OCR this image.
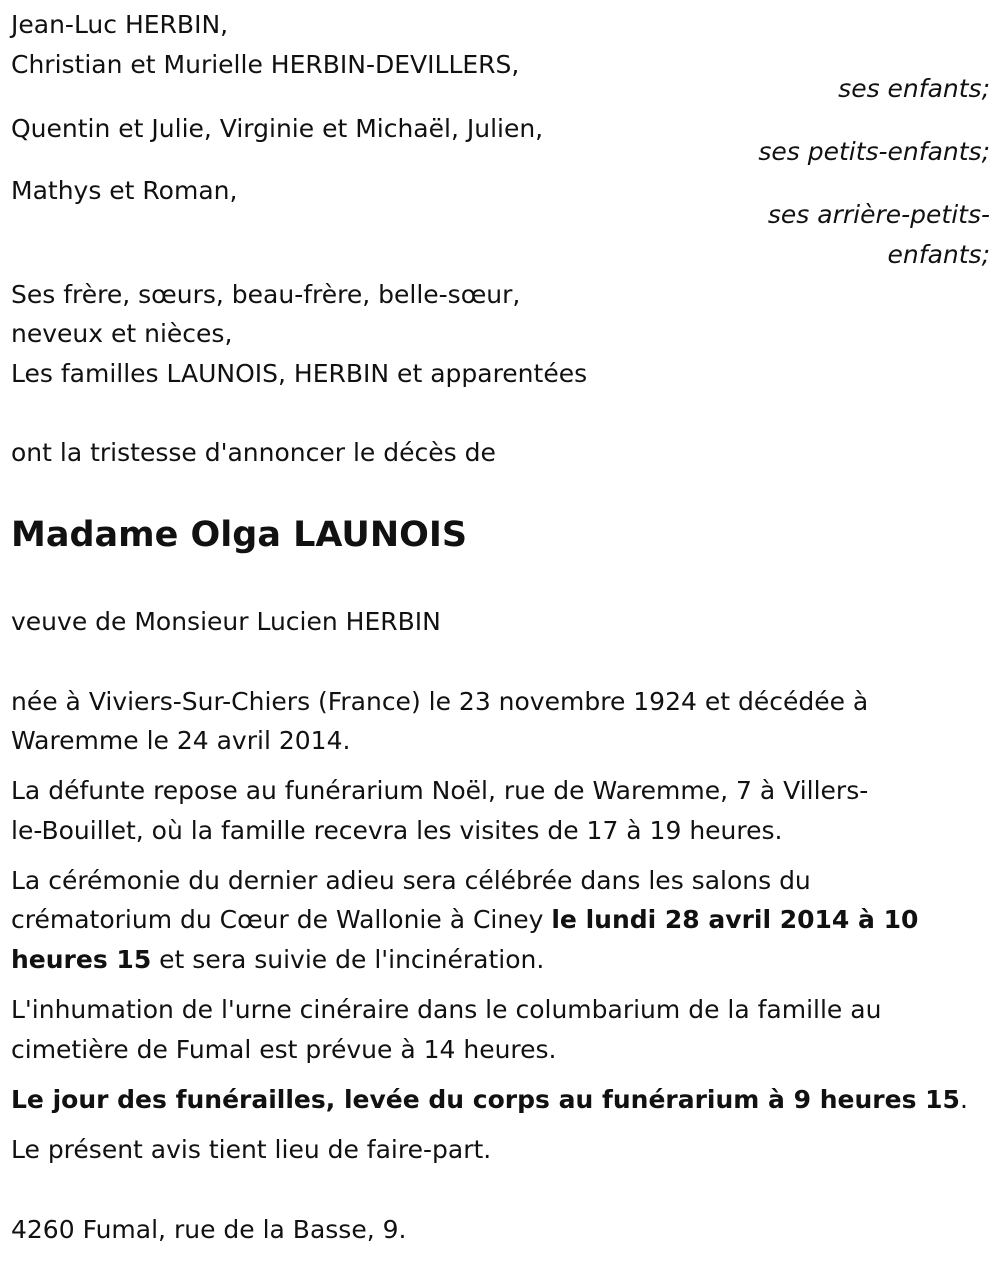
Jean-Luc HERBIN,
Christian et Murielle HERBIN-DEVILLERS,
ses enfants;
Quentin et Julie, Virginie et Michaël, Julien,
ses petits-enfants;
Mathys et Roman,
ses arrière-petits-
enfants;
Ses frère, sœurs, beau-frère, belle-sœur,
neveux et nièces,
Les familles LAUNOIS, HERBIN et apparentées
ont la tristesse d'annoncer le décès de
Madame Olga LAUNOIS
veuve de Monsieur Lucien HERBIN
née à Viviers-Sur-Chiers (France) le 23 novembre 1924 et décédée à
Waremme le 24 avril 2014.
La défunte repose au funérarium Noël, rue de Waremme, 7 à Villers-
le-Bouillet, où la famille recevra les visites de 17 à 19 heures.
La cérémonie du dernier adieu sera célébrée dans les salons du
crématorium du Cœur de Wallonie à Ciney le lundi 28 avril 2014 à 10
heures 15 et sera suivie de l'incinération.
L'inhumation de l'urne cinéraire dans le columbarium de la famille au
cimetière de Fumal est prévue à 14 heures.
Le jour des funérailles, levée du corps au funérarium à 9 heures 15.
Le présent avis tient lieu de faire-part.
4260 Fumal, rue de la Basse, 9.
